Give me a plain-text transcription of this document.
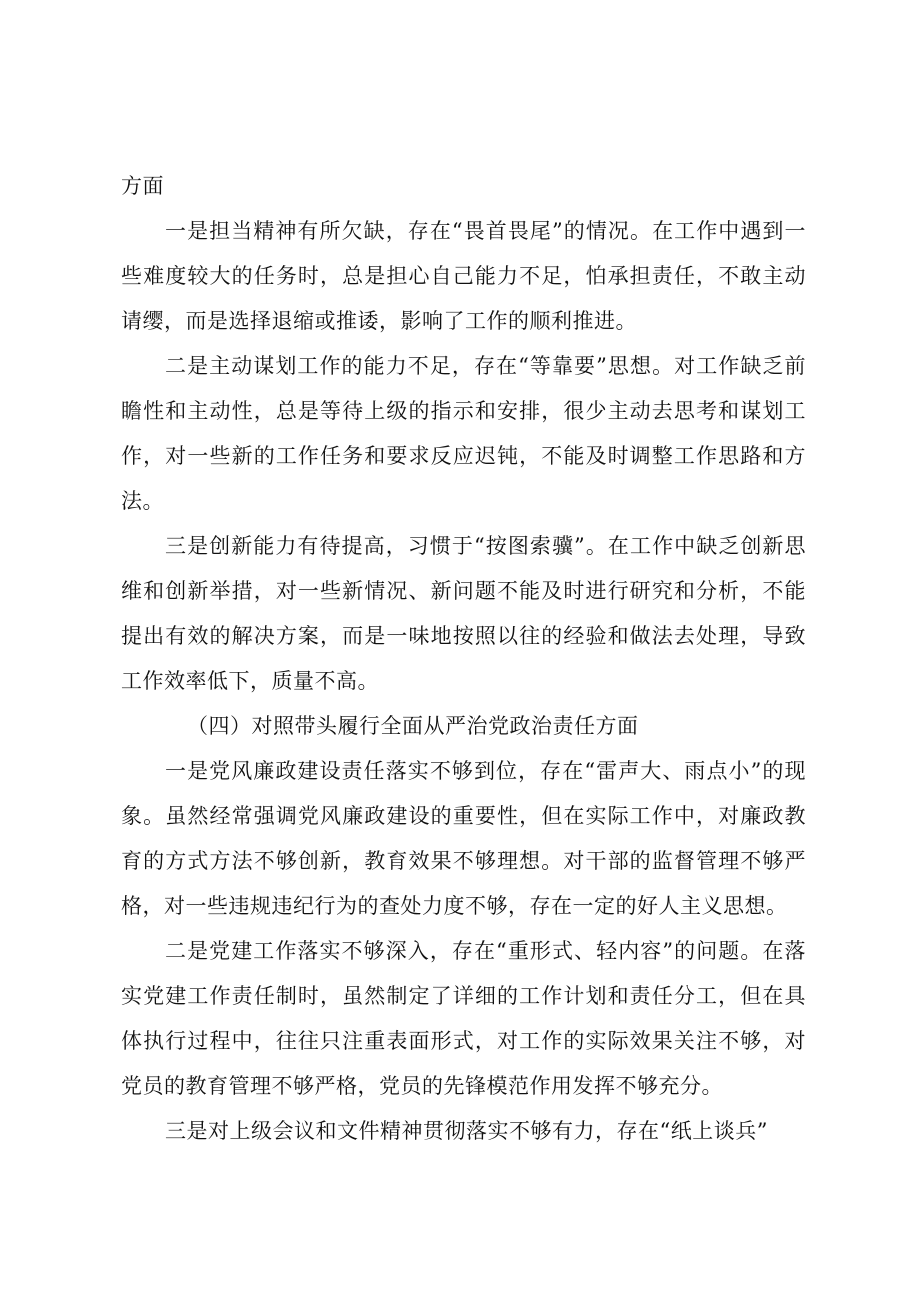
方面

一是担当精神有所欠缺，存在“畏首畏尾”的情况。在工作中遇到一些难度较大的任务时，总是担心自己能力不足，怕承担责任，不敢主动请缨，而是选择退缩或推诿，影响了工作的顺利推进。

二是主动谋划工作的能力不足，存在“等靠要”思想。对工作缺乏前瞻性和主动性，总是等待上级的指示和安排，很少主动去思考和谋划工作，对一些新的工作任务和要求反应迟钝，不能及时调整工作思路和方法。

三是创新能力有待提高，习惯于“按图索骥”。在工作中缺乏创新思维和创新举措，对一些新情况、新问题不能及时进行研究和分析，不能提出有效的解决方案，而是一味地按照以往的经验和做法去处理，导致工作效率低下，质量不高。

（四）对照带头履行全面从严治党政治责任方面

一是党风廉政建设责任落实不够到位，存在“雷声大、雨点小”的现象。虽然经常强调党风廉政建设的重要性，但在实际工作中，对廉政教育的方式方法不够创新，教育效果不够理想。对干部的监督管理不够严格，对一些违规违纪行为的查处力度不够，存在一定的好人主义思想。

二是党建工作落实不够深入，存在“重形式、轻内容”的问题。在落实党建工作责任制时，虽然制定了详细的工作计划和责任分工，但在具体执行过程中，往往只注重表面形式，对工作的实际效果关注不够，对党员的教育管理不够严格，党员的先锋模范作用发挥不够充分。

三是对上级会议和文件精神贯彻落实不够有力，存在“纸上谈兵”
